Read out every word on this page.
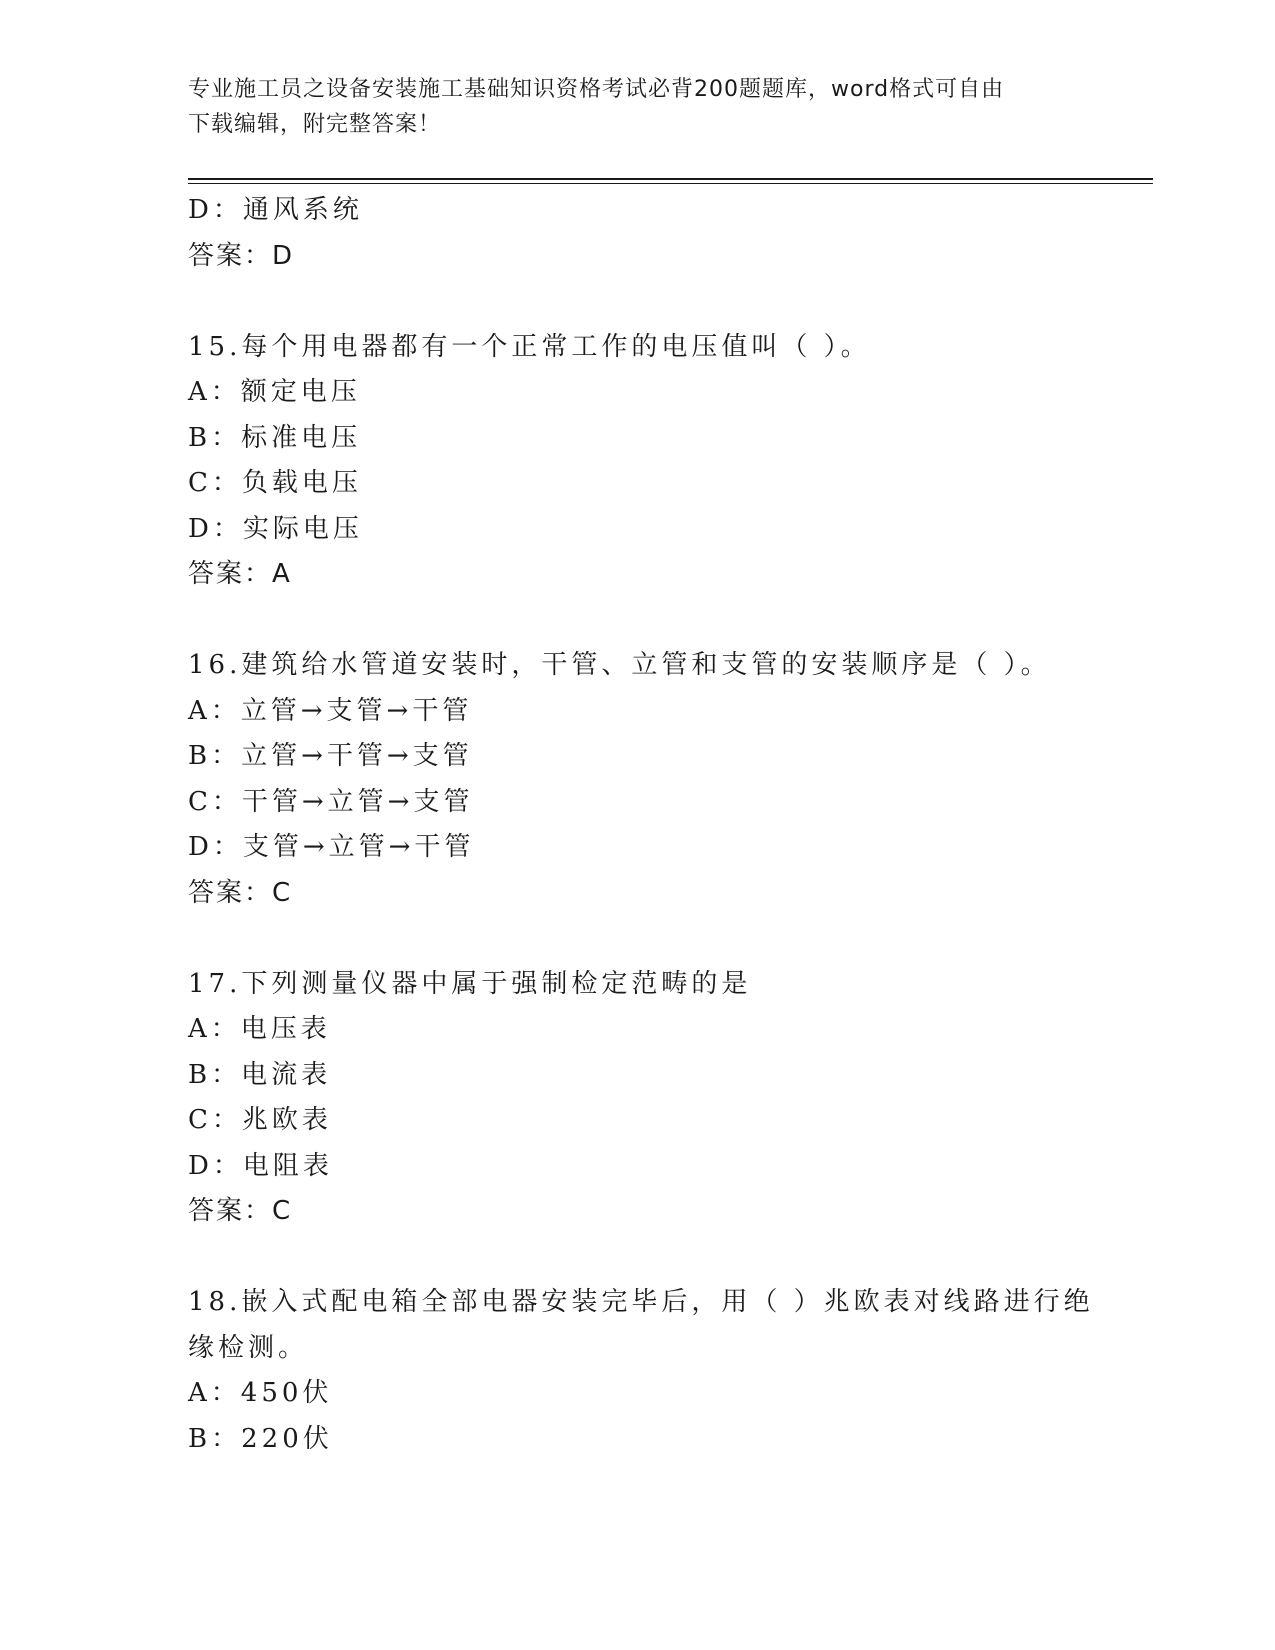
专业施工员之设备安装施工基础知识资格考试必背200题题库，word格式可自由
下载编辑，附完整答案！
D：通风系统
答案：D
15.每个用电器都有一个正常工作的电压值叫（ ）。
A：额定电压
B：标准电压
C：负载电压
D：实际电压
答案：A
16.建筑给水管道安装时，干管、立管和支管的安装顺序是（ ）。
A：立管→支管→干管
B：立管→干管→支管
C：干管→立管→支管
D：支管→立管→干管
答案：C
17.下列测量仪器中属于强制检定范畴的是
A：电压表
B：电流表
C：兆欧表
D：电阻表
答案：C
18.嵌入式配电箱全部电器安装完毕后，用（ ）兆欧表对线路进行绝
缘检测。
A：450伏
B：220伏
